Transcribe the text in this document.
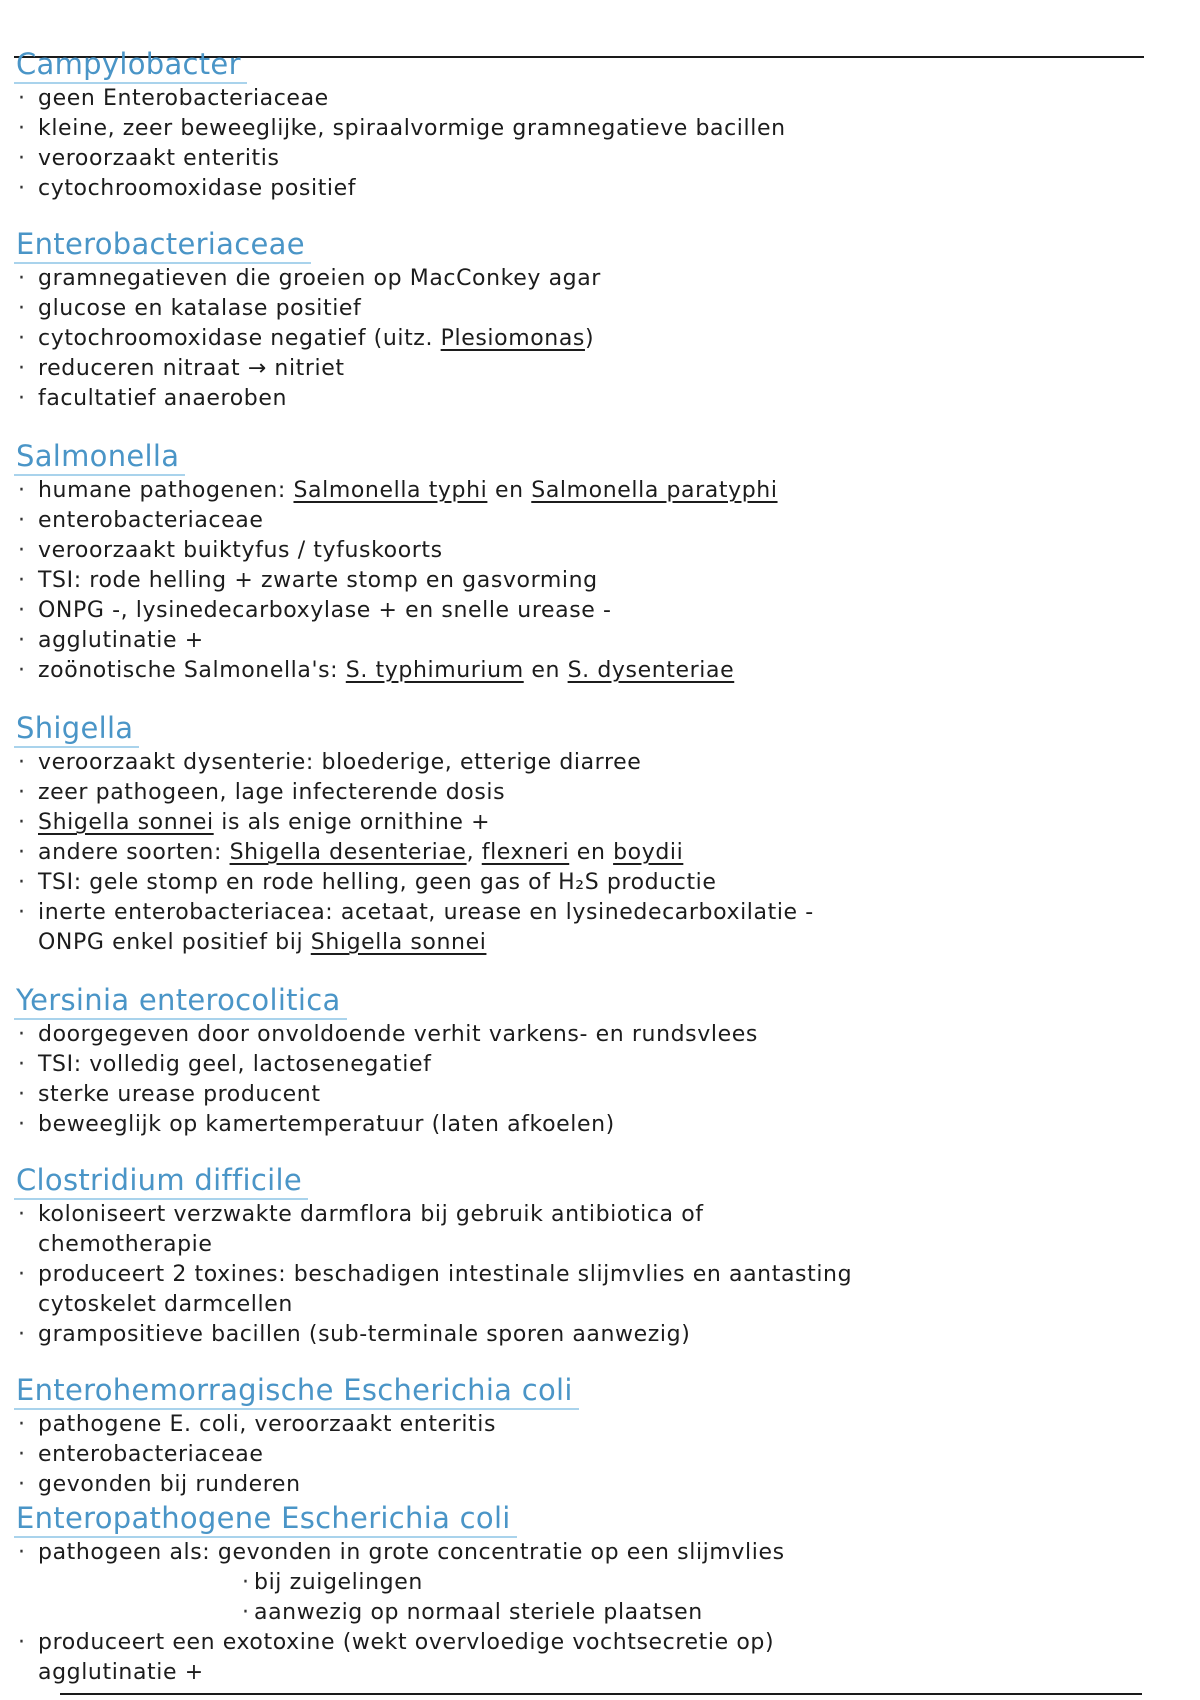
Campylobacter
· geen Enterobacteriaceae
· kleine, zeer beweeglijke, spiraalvormige gramnegatieve bacillen
· veroorzaakt enteritis
· cytochroomoxidase positief
Enterobacteriaceae
· gramnegatieven die groeien op MacConkey agar
· glucose en katalase positief
· cytochroomoxidase negatief (uitz. Plesiomonas)
· reduceren nitraat → nitriet
· facultatief anaeroben
Salmonella
· humane pathogenen: Salmonella typhi en Salmonella paratyphi
· enterobacteriaceae
· veroorzaakt buiktyfus / tyfuskoorts
· TSI: rode helling + zwarte stomp en gasvorming
· ONPG -, lysinedecarboxylase + en snelle urease -
· agglutinatie +
· zoönotische Salmonella's: S. typhimurium en S. dysenteriae
Shigella
· veroorzaakt dysenterie: bloederige, etterige diarree
· zeer pathogeen, lage infecterende dosis
· Shigella sonnei is als enige ornithine +
· andere soorten: Shigella desenteriae, flexneri en boydii
· TSI: gele stomp en rode helling, geen gas of H₂S productie
· inerte enterobacteriacea: acetaat, urease en lysinedecarboxilatie -
ONPG enkel positief bij Shigella sonnei
Yersinia enterocolitica
· doorgegeven door onvoldoende verhit varkens- en rundsvlees
· TSI: volledig geel, lactosenegatief
· sterke urease producent
· beweeglijk op kamertemperatuur (laten afkoelen)
Clostridium difficile
· koloniseert verzwakte darmflora bij gebruik antibiotica of
chemotherapie
· produceert 2 toxines: beschadigen intestinale slijmvlies en aantasting
cytoskelet darmcellen
· grampositieve bacillen (sub-terminale sporen aanwezig)
Enterohemorragische Escherichia coli
· pathogene E. coli, veroorzaakt enteritis
· enterobacteriaceae
· gevonden bij runderen
Enteropathogene Escherichia coli
· pathogeen als: gevonden in grote concentratie op een slijmvlies
· bij zuigelingen
· aanwezig op normaal steriele plaatsen
· produceert een exotoxine (wekt overvloedige vochtsecretie op)
agglutinatie +
